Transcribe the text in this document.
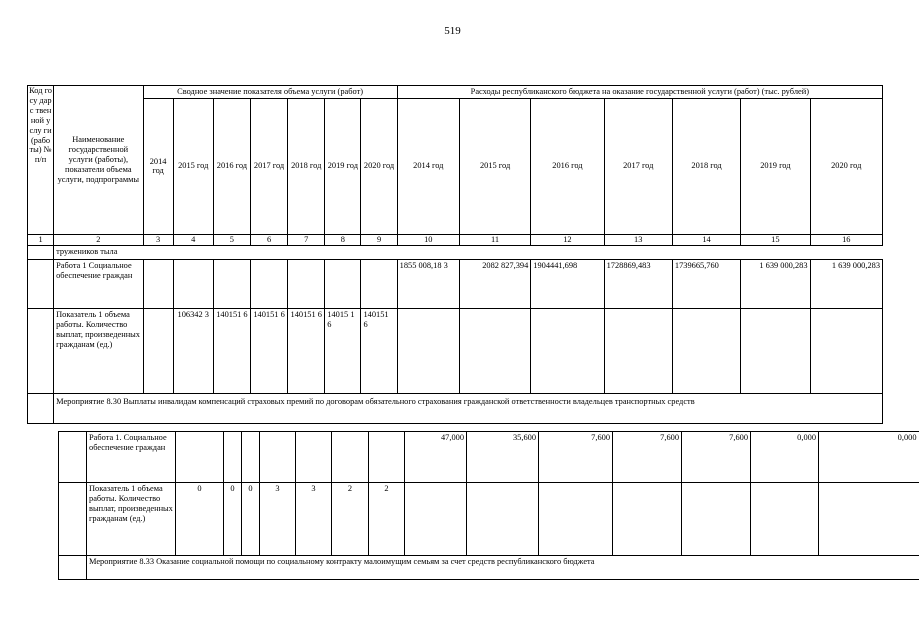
519
Код госу дарс твен ной услу ги (рабо ты) № п/п	Наименование государственной услуги (работы), показатели объема услуги, подпрограммы	Сводное значение показателя объема услуги (работ)							Расходы республиканского бюджета на оказание государственной услуги (работ) (тыс. рублей)						
		2014 год	2015 год	2016 год	2017 год	2018 год	2019 год	2020 год	2014 год	2015 год	2016 год	2017 год	2018 год	2019 год	2020 год
1	2	3	4	5	6	7	8	9	10	11	12	13	14	15	16
	тружеников тыла														
	Работа 1 Социальное обеспечение граждан								1855 008,18 3	2082 827,394	1904441,698	1728869,483	1739665,760	1 639 000,283	1 639 000,283
	Показатель 1 объема работы. Количество выплат, произведенных гражданам (ед.)		106342 3	140151 6	140151 6	140151 6	14015 16	140151 6							
	Мероприятие 8.30 Выплаты инвалидам компенсаций страховых премий по договорам обязательного страхования гражданской ответственности владельцев транспортных средств														
	Работа 1. Социальное обеспечение граждан								47,000	35,600	7,600	7,600	7,600	0,000	0,000
	Показатель 1 объема работы. Количество выплат, произведенных гражданам (ед.)	0	0	0	3	3	2	2							
	Мероприятие 8.33 Оказание социальной помощи по социальному контракту малоимущим семьям за счет средств республиканского бюджета														
